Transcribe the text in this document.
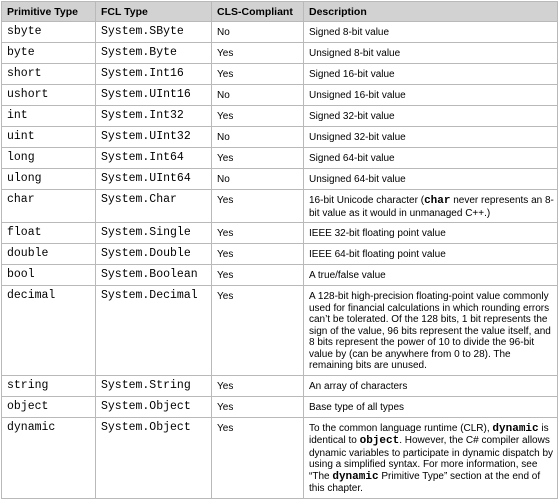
Primitive Type	FCL Type	CLS-Compliant	Description
sbyte	System.SByte	No	Signed 8-bit value
byte	System.Byte	Yes	Unsigned 8-bit value
short	System.Int16	Yes	Signed 16-bit value
ushort	System.UInt16	No	Unsigned 16-bit value
int	System.Int32	Yes	Signed 32-bit value
uint	System.UInt32	No	Unsigned 32-bit value
long	System.Int64	Yes	Signed 64-bit value
ulong	System.UInt64	No	Unsigned 64-bit value
char	System.Char	Yes	16-bit Unicode character (char never represents an 8-bit value as it would in unmanaged C++.)
float	System.Single	Yes	IEEE 32-bit floating point value
double	System.Double	Yes	IEEE 64-bit floating point value
bool	System.Boolean	Yes	A true/false value
decimal	System.Decimal	Yes	A 128-bit high-precision floating-point value commonly used for financial calculations in which rounding errors can’t be tolerated. Of the 128 bits, 1 bit represents the sign of the value, 96 bits represent the value itself, and 8 bits represent the power of 10 to divide the 96-bit value by (can be anywhere from 0 to 28). The remaining bits are unused.
string	System.String	Yes	An array of characters
object	System.Object	Yes	Base type of all types
dynamic	System.Object	Yes	To the common language runtime (CLR), dynamic is identical to object. However, the C# compiler allows dynamic variables to participate in dynamic dispatch by using a simplified syntax. For more information, see “The dynamic Primitive Type” section at the end of this chapter.
